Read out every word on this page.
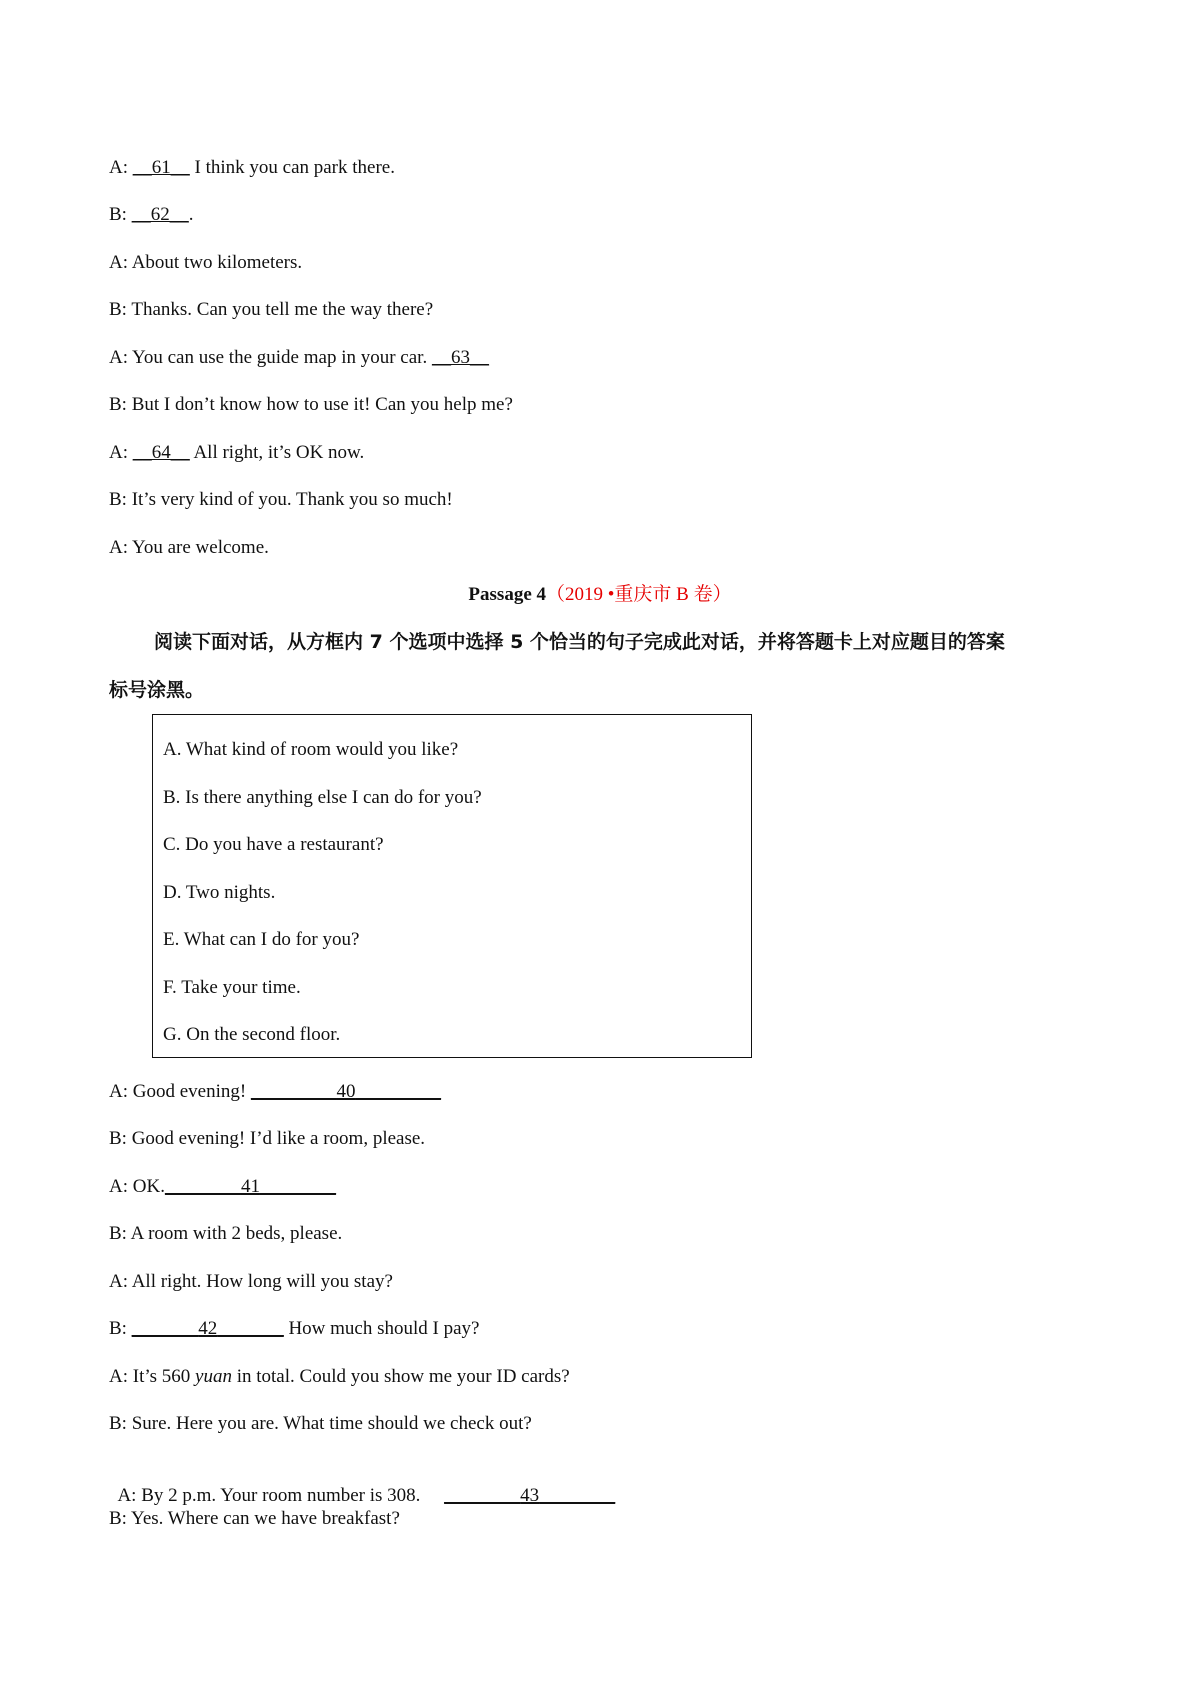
A: __61__ I think you can park there.
B: __62__.
A: About two kilometers.
B: Thanks. Can you tell me the way there?
A: You can use the guide map in your car. __63__
B: But I don’t know how to use it! Can you help me?
A: __64__ All right, it’s OK now.
B: It’s very kind of you. Thank you so much!
A: You are welcome.
Passage 4（2019 •重庆市 B 卷）
阅读下面对话，从方框内 7 个选项中选择 5 个恰当的句子完成此对话，并将答题卡上对应题目的答案
标号涂黑。
A. What kind of room would you like?
B. Is there anything else I can do for you?
C. Do you have a restaurant?
D. Two nights.
E. What can I do for you?
F. Take your time.
G. On the second floor.
A: Good evening! _________40_________
B: Good evening! I’d like a room, please.
A: OK.________41________
B: A room with 2 beds, please.
A: All right. How long will you stay?
B: _______42_______ How much should I pay?
A: It’s 560 yuan in total. Could you show me your ID cards?
B: Sure. Here you are. What time should we check out?

A: By 2 p.m. Your room number is 308.     ________43________

B: Yes. Where can we have breakfast?
